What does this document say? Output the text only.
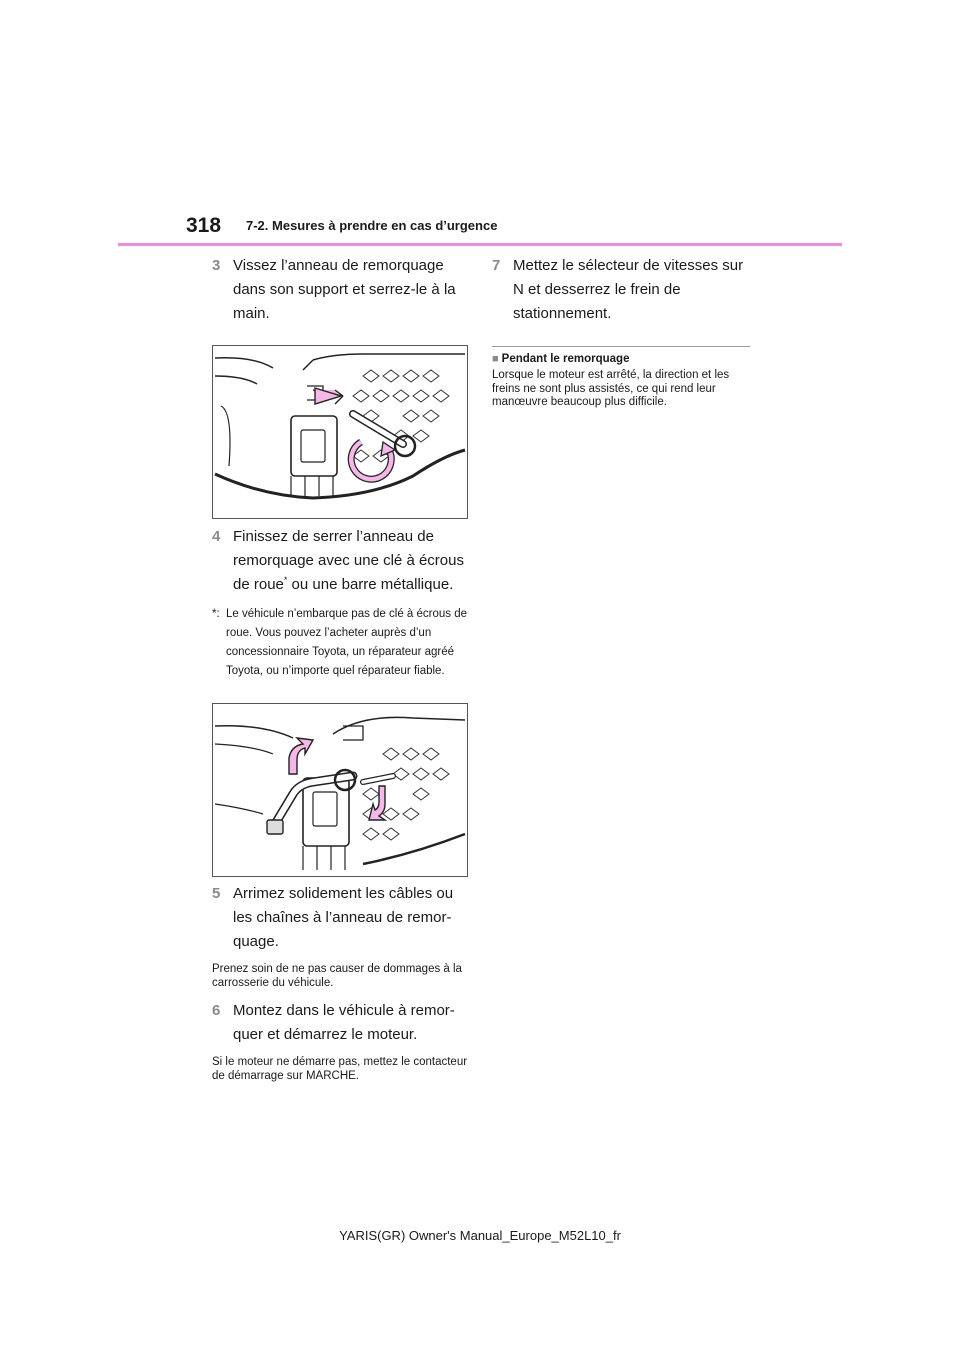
318 7-2. Mesures à prendre en cas d’urgence
3 Vissez l’anneau de remorquage dans son support et serrez-le à la main.
4 Finissez de serrer l’anneau de remorquage avec une clé à écrous de roue* ou une barre métallique.
*: Le véhicule n’embarque pas de clé à écrous de roue. Vous pouvez l’acheter auprès d’un concessionnaire Toyota, un réparateur agréé Toyota, ou n’importe quel réparateur fiable.
5 Arrimez solidement les câbles ou les chaînes à l’anneau de remorquage.
Prenez soin de ne pas causer de dommages à la carrosserie du véhicule.
6 Montez dans le véhicule à remorquer et démarrez le moteur.
Si le moteur ne démarre pas, mettez le contacteur de démarrage sur MARCHE.
7 Mettez le sélecteur de vitesses sur N et desserrez le frein de stationnement.
■ Pendant le remorquage
Lorsque le moteur est arrêté, la direction et les freins ne sont plus assistés, ce qui rend leur manœuvre beaucoup plus difficile.
YARIS(GR) Owner's Manual_Europe_M52L10_fr
